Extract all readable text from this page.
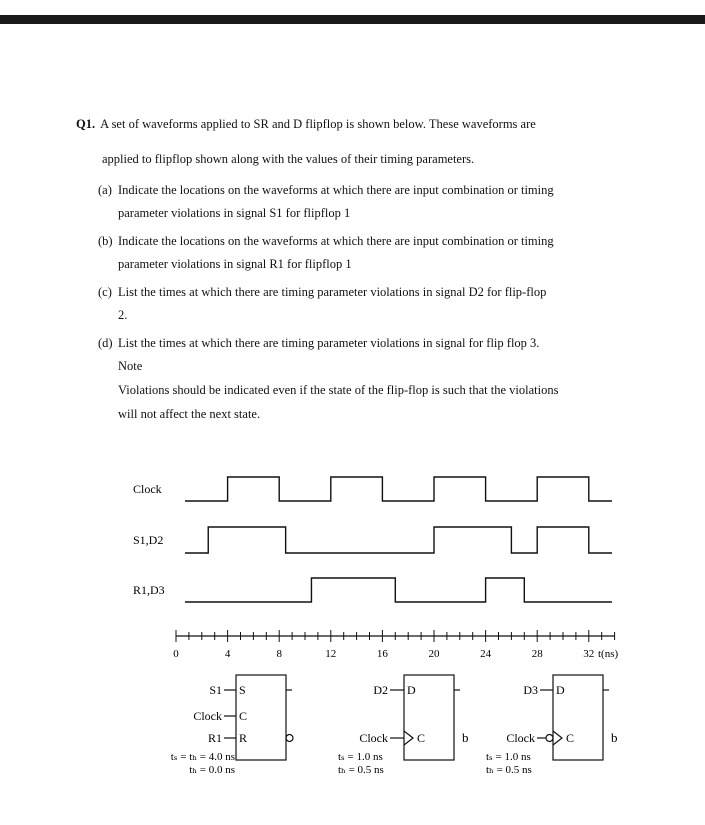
Q1. A set of waveforms applied to SR and D flipflop is shown below. These waveforms are
applied to flipflop shown along with the values of their timing parameters.
(a) Indicate the locations on the waveforms at which there are input combination or timing
parameter violations in signal S1 for flipflop 1
(b) Indicate the locations on the waveforms at which there are input combination or timing
parameter violations in signal R1 for flipflop 1
(c) List the times at which there are timing parameter violations in signal D2 for flip-flop
2.
(d) List the times at which there are timing parameter violations in signal for flip flop 3.
Note
Violations should be indicated even if the state of the flip-flop is such that the violations
will not affect the next state.
Clock
S1,D2
R1,D3
0	4	8	12	16	20	24	28	32 t(ns)
S1
Clock
R1
S
C
R
tₛ = tₕ = 4.0 ns
tₕ = 0.0 ns
D2
Clock
D
C	b
tₛ = 1.0 ns
tₕ = 0.5 ns
D3
Clock
D
C	b
tₛ = 1.0 ns
tₕ = 0.5 ns
